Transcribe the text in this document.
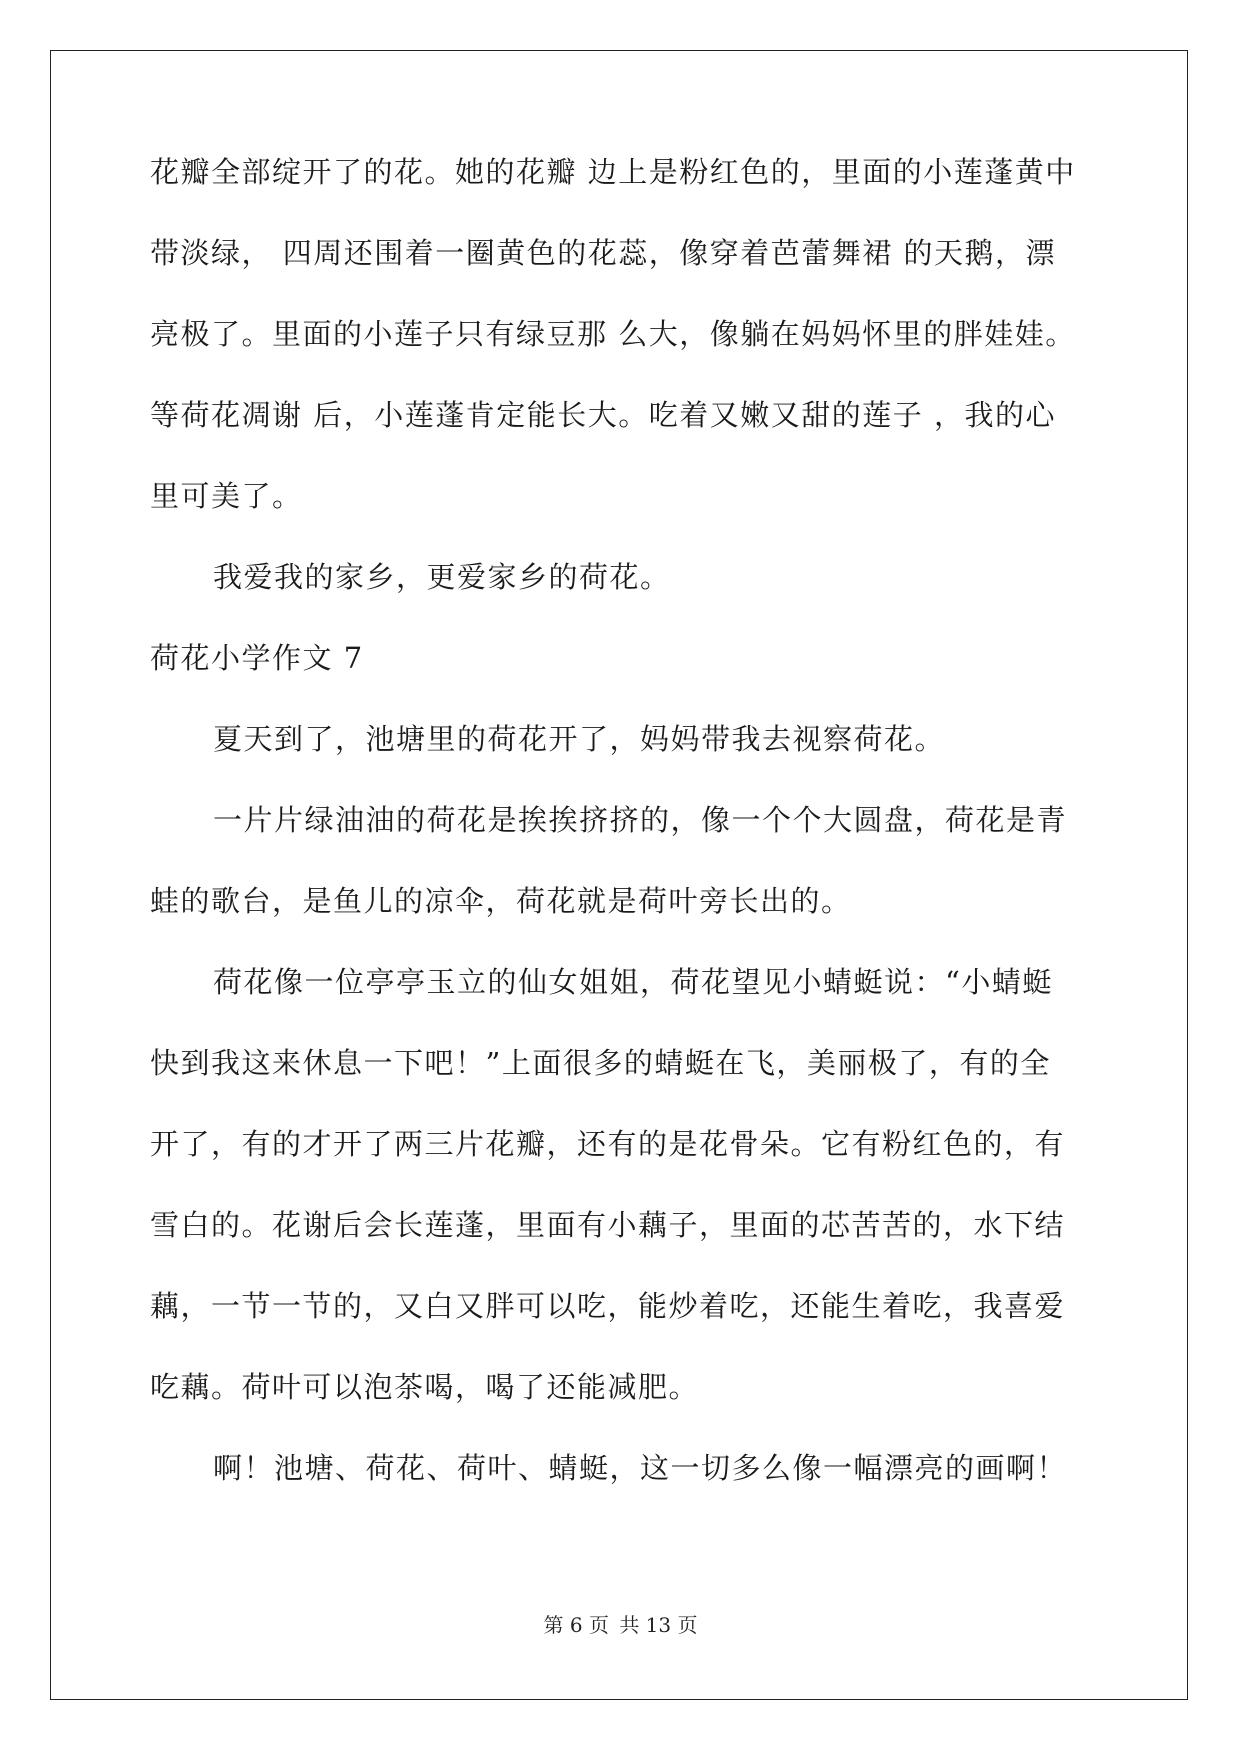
花瓣全部绽开了的花。她的花瓣 边上是粉红色的，里面的小莲蓬黄中
带淡绿， 四周还围着一圈黄色的花蕊，像穿着芭蕾舞裙 的天鹅，漂
亮极了。里面的小莲子只有绿豆那 么大，像躺在妈妈怀里的胖娃娃。
等荷花凋谢 后，小莲蓬肯定能长大。吃着又嫩又甜的莲子 ，我的心
里可美了。
我爱我的家乡，更爱家乡的荷花。
荷花小学作文 7
夏天到了，池塘里的荷花开了，妈妈带我去视察荷花。
一片片绿油油的荷花是挨挨挤挤的，像一个个大圆盘，荷花是青
蛙的歌台，是鱼儿的凉伞，荷花就是荷叶旁长出的。
荷花像一位亭亭玉立的仙女姐姐，荷花望见小蜻蜓说：“小蜻蜓
快到我这来休息一下吧！”上面很多的蜻蜓在飞，美丽极了，有的全
开了，有的才开了两三片花瓣，还有的是花骨朵。它有粉红色的，有
雪白的。花谢后会长莲蓬，里面有小藕子，里面的芯苦苦的，水下结
藕，一节一节的，又白又胖可以吃，能炒着吃，还能生着吃，我喜爱
吃藕。荷叶可以泡茶喝，喝了还能减肥。
啊！池塘、荷花、荷叶、蜻蜓，这一切多么像一幅漂亮的画啊！
第 6 页 共 13 页
